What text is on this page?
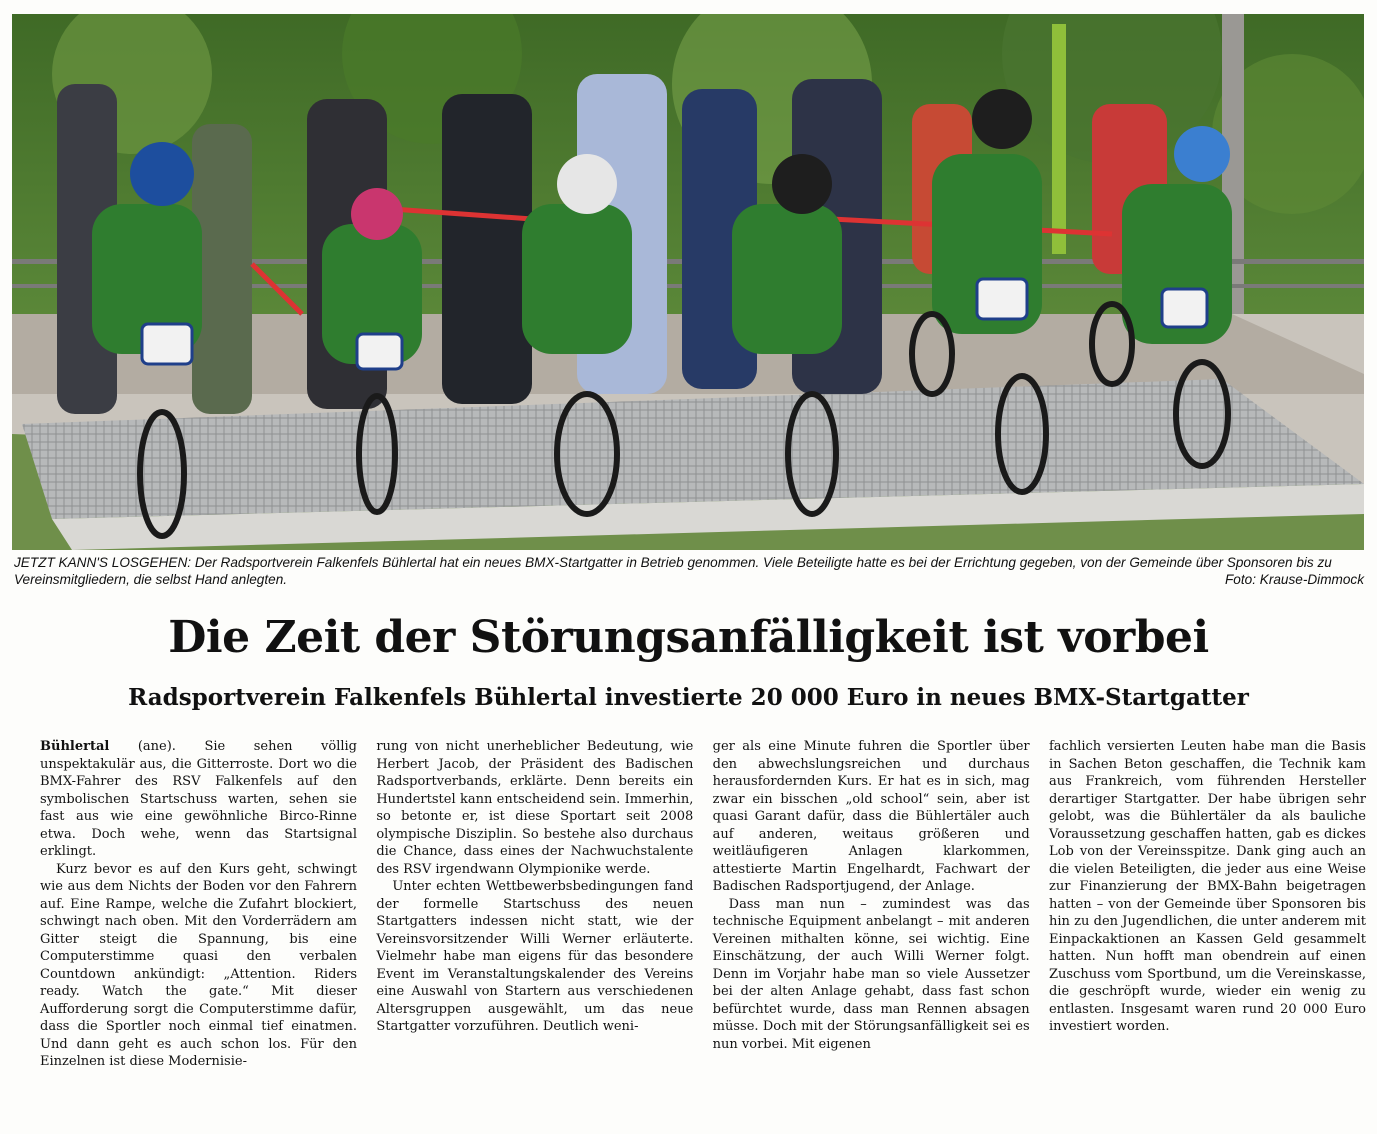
JETZT KANN'S LOSGEHEN: Der Radsportverein Falkenfels Bühlertal hat ein neues BMX-Startgatter in Betrieb genommen. Viele Beteiligte hatte es bei der Errichtung gegeben, von der Gemeinde über Sponsoren bis zu Vereinsmitgliedern, die selbst Hand anlegten.	Foto: Krause-Dimmock
Die Zeit der Störungsanfälligkeit ist vorbei
Radsportverein Falkenfels Bühlertal investierte 20 000 Euro in neues BMX-Startgatter

Bühlertal (ane). Sie sehen völlig unspektakulär aus, die Gitterroste. Dort wo die BMX-Fahrer des RSV Falkenfels auf den symbolischen Startschuss warten, sehen sie fast aus wie eine gewöhnliche Birco-Rinne etwa. Doch wehe, wenn das Startsignal erklingt.

Kurz bevor es auf den Kurs geht, schwingt wie aus dem Nichts der Boden vor den Fahrern auf. Eine Rampe, welche die Zufahrt blockiert, schwingt nach oben. Mit den Vorderrädern am Gitter steigt die Spannung, bis eine Computerstimme quasi den verbalen Countdown ankündigt: „Attention. Riders ready. Watch the gate.“ Mit dieser Aufforderung sorgt die Computerstimme dafür, dass die Sportler noch einmal tief einatmen. Und dann geht es auch schon los. Für den Einzelnen ist diese Modernisie-

rung von nicht unerheblicher Bedeutung, wie Herbert Jacob, der Präsident des Badischen Radsportverbands, erklärte. Denn bereits ein Hundertstel kann entscheidend sein. Immerhin, so betonte er, ist diese Sportart seit 2008 olympische Disziplin. So bestehe also durchaus die Chance, dass eines der Nachwuchstalente des RSV irgendwann Olympionike werde.

Unter echten Wettbewerbsbedingungen fand der formelle Startschuss des neuen Startgatters indessen nicht statt, wie der Vereinsvorsitzender Willi Werner erläuterte. Vielmehr habe man eigens für das besondere Event im Veranstaltungskalender des Vereins eine Auswahl von Startern aus verschiedenen Altersgruppen ausgewählt, um das neue Startgatter vorzuführen. Deutlich weni-

ger als eine Minute fuhren die Sportler über den abwechslungsreichen und durchaus herausfordernden Kurs. Er hat es in sich, mag zwar ein bisschen „old school“ sein, aber ist quasi Garant dafür, dass die Bühlertäler auch auf anderen, weitaus größeren und weitläufigeren Anlagen klarkommen, attestierte Martin Engelhardt, Fachwart der Badischen Radsportjugend, der Anlage.

Dass man nun – zumindest was das technische Equipment anbelangt – mit anderen Vereinen mithalten könne, sei wichtig. Eine Einschätzung, der auch Willi Werner folgt. Denn im Vorjahr habe man so viele Aussetzer bei der alten Anlage gehabt, dass fast schon befürchtet wurde, dass man Rennen absagen müsse. Doch mit der Störungsanfälligkeit sei es nun vorbei. Mit eigenen

fachlich versierten Leuten habe man die Basis in Sachen Beton geschaffen, die Technik kam aus Frankreich, vom führenden Hersteller derartiger Startgatter. Der habe übrigen sehr gelobt, was die Bühlertäler da als bauliche Voraussetzung geschaffen hatten, gab es dickes Lob von der Vereinsspitze. Dank ging auch an die vielen Beteiligten, die jeder aus eine Weise zur Finanzierung der BMX-Bahn beigetragen hatten – von der Gemeinde über Sponsoren bis hin zu den Jugendlichen, die unter anderem mit Einpackaktionen an Kassen Geld gesammelt hatten. Nun hofft man obendrein auf einen Zuschuss vom Sportbund, um die Vereinskasse, die geschröpft wurde, wieder ein wenig zu entlasten. Insgesamt waren rund 20 000 Euro investiert worden.
